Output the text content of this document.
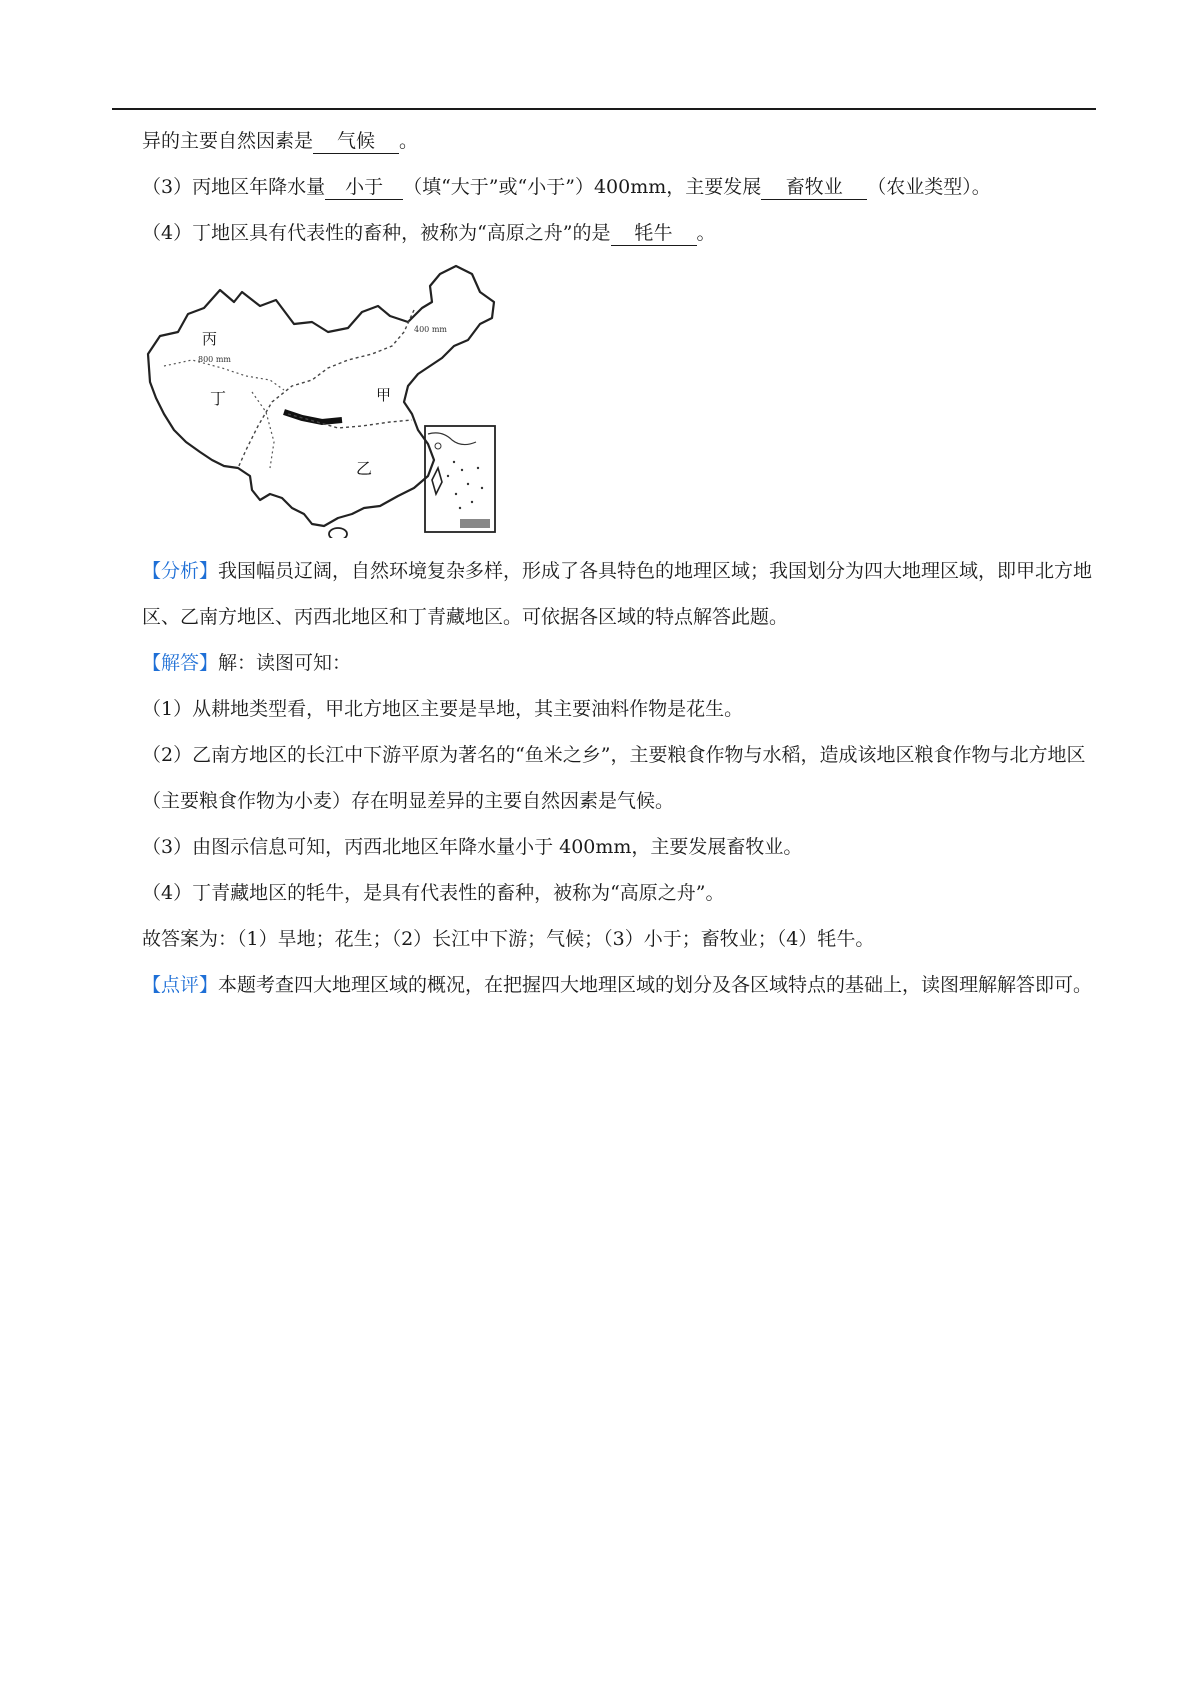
异的主要自然因素是 气候 。
（3）丙地区年降水量 小于 （填“大于”或“小于”）400mm，主要发展 畜牧业 （农业类型）。
（4）丁地区具有代表性的畜种，被称为“高原之舟”的是 牦牛 。
丙
丁	甲
乙
400 mm
800 mm
【分析】我国幅员辽阔，自然环境复杂多样，形成了各具特色的地理区域；我国划分为四大地理区域，即甲北方地区、乙南方地区、丙西北地区和丁青藏地区。可依据各区域的特点解答此题。
【解答】解：读图可知：
（1）从耕地类型看，甲北方地区主要是旱地，其主要油料作物是花生。
（2）乙南方地区的长江中下游平原为著名的“鱼米之乡”，主要粮食作物与水稻，造成该地区粮食作物与北方地区（主要粮食作物为小麦）存在明显差异的主要自然因素是气候。
（3）由图示信息可知，丙西北地区年降水量小于 400mm，主要发展畜牧业。
（4）丁青藏地区的牦牛，是具有代表性的畜种，被称为“高原之舟”。
故答案为：（1）旱地；花生；（2）长江中下游；气候；（3）小于；畜牧业；（4）牦牛。
【点评】本题考查四大地理区域的概况，在把握四大地理区域的划分及各区域特点的基础上，读图理解解答即可。
